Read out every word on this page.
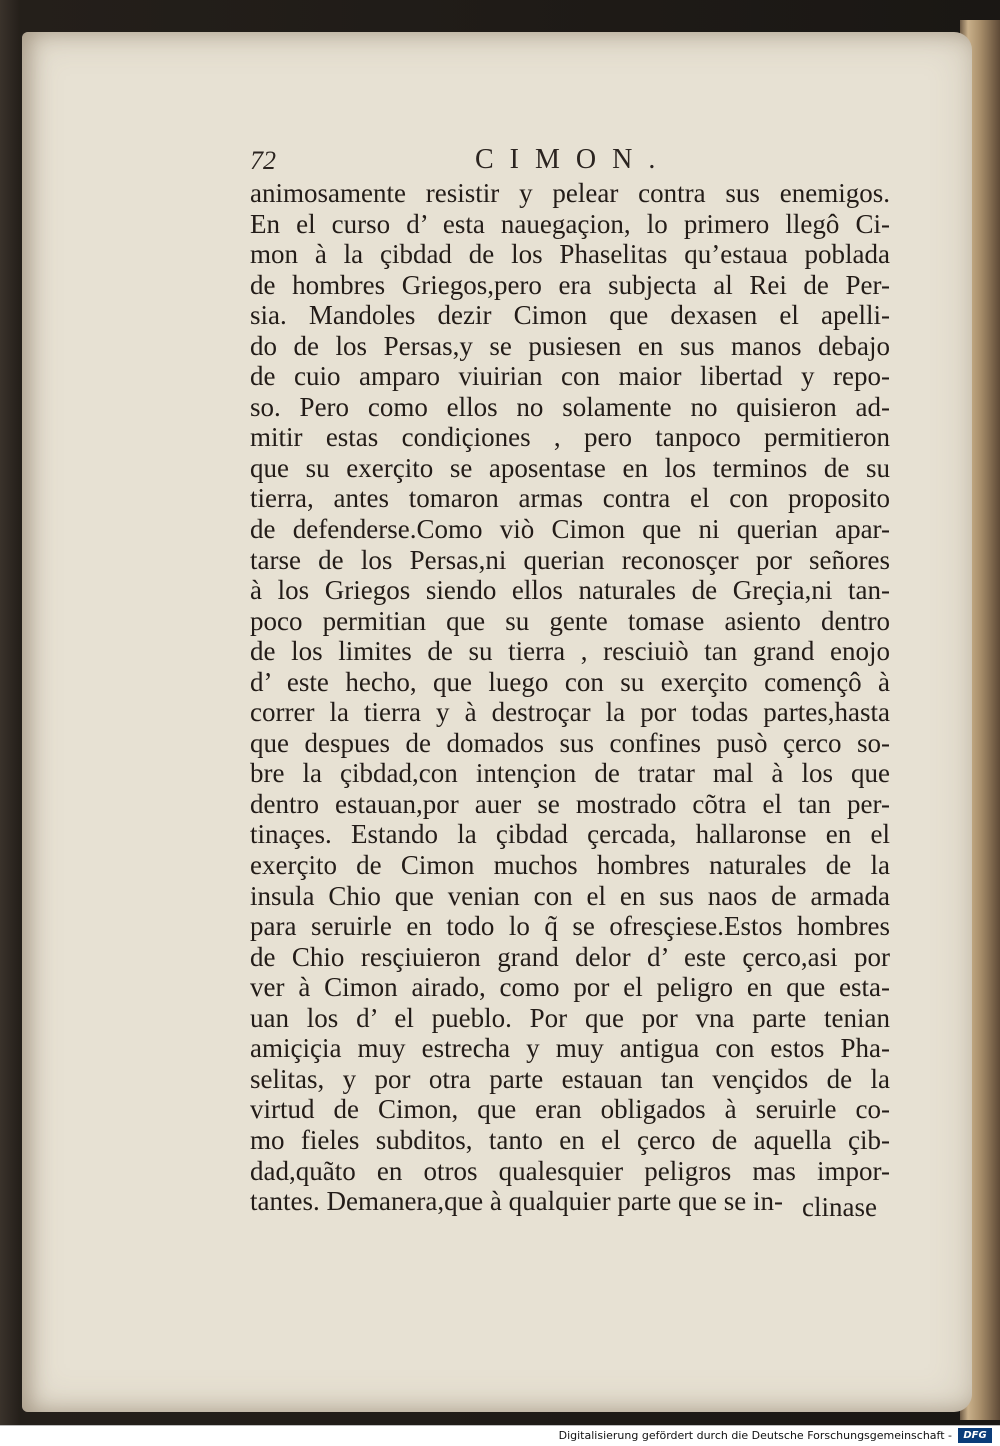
72	CIMON.
animosamente resistir y pelear contra sus enemigos.
En el curso d’ esta nauegaçion, lo primero llegô Ci-
mon à la çibdad de los Phaselitas qu’estaua poblada
de hombres Griegos,pero era subjecta al Rei de Per-
sia. Mandoles dezir Cimon que dexasen el apelli-
do de los Persas,y se pusiesen en sus manos debajo
de cuio amparo viuirian con maior libertad y repo-
so. Pero como ellos no solamente no quisieron ad-
mitir estas condiçiones , pero tanpoco permitieron
que su exerçito se aposentase en los terminos de su
tierra, antes tomaron armas contra el con proposito
de defenderse.Como viò Cimon que ni querian apar-
tarse de los Persas,ni querian reconosçer por señores
à los Griegos siendo ellos naturales de Greçia,ni tan-
poco permitian que su gente tomase asiento dentro
de los limites de su tierra , resciuiò tan grand enojo
d’ este hecho, que luego con su exerçito començô à
correr la tierra y à destroçar la por todas partes,hasta
que despues de domados sus confines pusò çerco so-
bre la çibdad,con intençion de tratar mal à los que
dentro estauan,por auer se mostrado cõtra el tan per-
tinaçes. Estando la çibdad çercada, hallaronse en el
exerçito de Cimon muchos hombres naturales de la
insula Chio que venian con el en sus naos de armada
para seruirle en todo lo q̃ se ofresçiese.Estos hombres
de Chio resçiuieron grand delor d’ este çerco,asi por
ver à Cimon airado, como por el peligro en que esta-
uan los d’ el pueblo. Por que por vna parte tenian
amiçiçia muy estrecha y muy antigua con estos Pha-
selitas, y por otra parte estauan tan vençidos de la
virtud de Cimon, que eran obligados à seruirle co-
mo fieles subditos, tanto en el çerco de aquella çib-
dad,quãto en otros qualesquier peligros mas impor-
tantes. Demanera,que à qualquier parte que se in- clinase
Digitalisierung gefördert durch die Deutsche Forschungsgemeinschaft -	DFG
